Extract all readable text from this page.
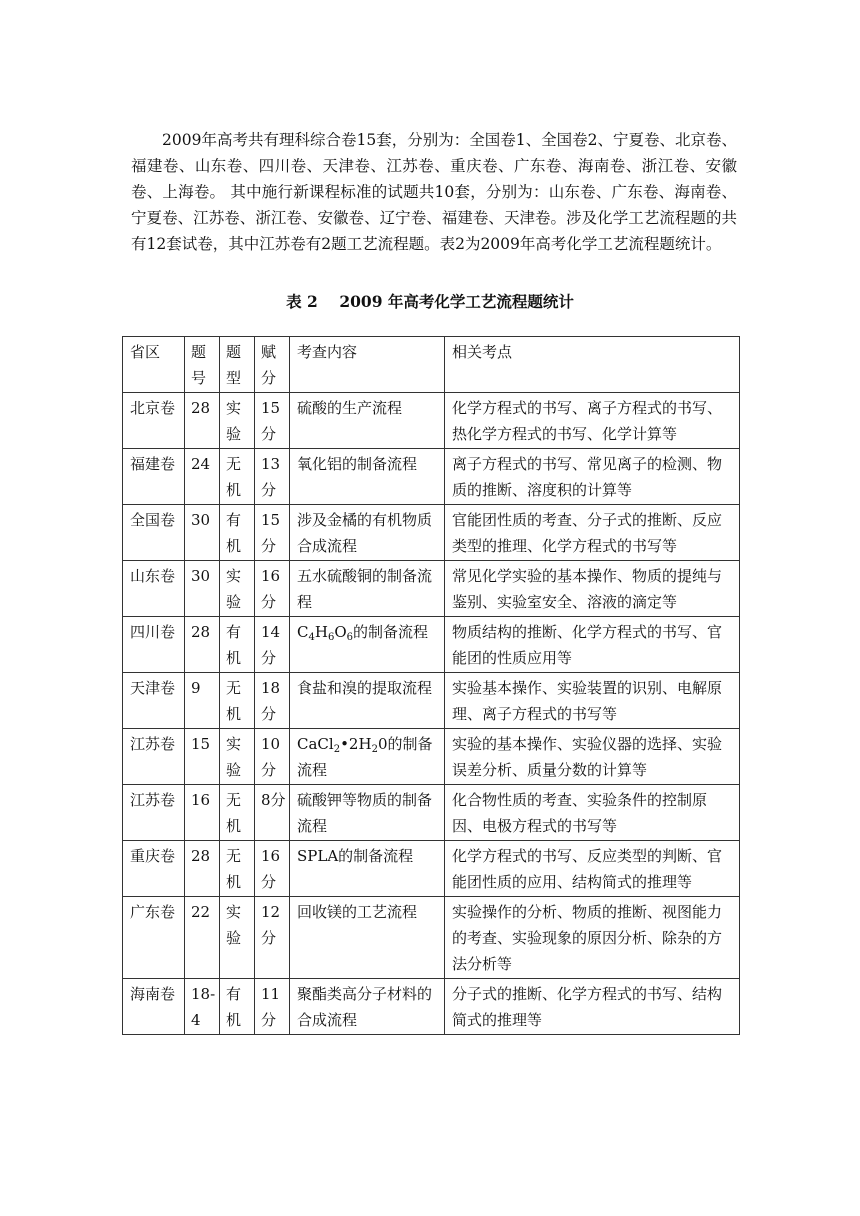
2009年高考共有理科综合卷15套，分别为：全国卷1、全国卷2、宁夏卷、北京卷、福建卷、山东卷、四川卷、天津卷、江苏卷、重庆卷、广东卷、海南卷、浙江卷、安徽卷、上海卷。 其中施行新课程标准的试题共10套，分别为：山东卷、广东卷、海南卷、宁夏卷、江苏卷、浙江卷、安徽卷、辽宁卷、福建卷、天津卷。涉及化学工艺流程题的共有12套试卷，其中江苏卷有2题工艺流程题。表2为2009年高考化学工艺流程题统计。

表 2    2009 年高考化学工艺流程题统计

省区	题号	题型	赋分	考查内容	相关考点
北京卷	28	实验	15分	硫酸的生产流程	化学方程式的书写、离子方程式的书写、热化学方程式的书写、化学计算等
福建卷	24	无机	13分	氧化铝的制备流程	离子方程式的书写、常见离子的检测、物质的推断、溶度积的计算等
全国卷	30	有机	15分	涉及金橘的有机物质合成流程	官能团性质的考查、分子式的推断、反应类型的推理、化学方程式的书写等
山东卷	30	实验	16分	五水硫酸铜的制备流程	常见化学实验的基本操作、物质的提纯与鉴别、实验室安全、溶液的滴定等
四川卷	28	有机	14分	$C_4H_6O_6$的制备流程	物质结构的推断、化学方程式的书写、官能团的性质应用等
天津卷	9	无机	18分	食盐和溴的提取流程	实验基本操作、实验装置的识别、电解原理、离子方程式的书写等
江苏卷	15	实验	10分	$CaCl_2•2H_20$的制备流程	实验的基本操作、实验仪器的选择、实验误差分析、质量分数的计算等
江苏卷	16	无机	8分	硫酸钾等物质的制备流程	化合物性质的考查、实验条件的控制原因、电极方程式的书写等
重庆卷	28	无机	16分	SPLA的制备流程	化学方程式的书写、反应类型的判断、官能团性质的应用、结构简式的推理等
广东卷	22	实验	12分	回收镁的工艺流程	实验操作的分析、物质的推断、视图能力的考查、实验现象的原因分析、除杂的方法分析等
海南卷	18-4	有机	11分	聚酯类高分子材料的合成流程	分子式的推断、化学方程式的书写、结构简式的推理等
